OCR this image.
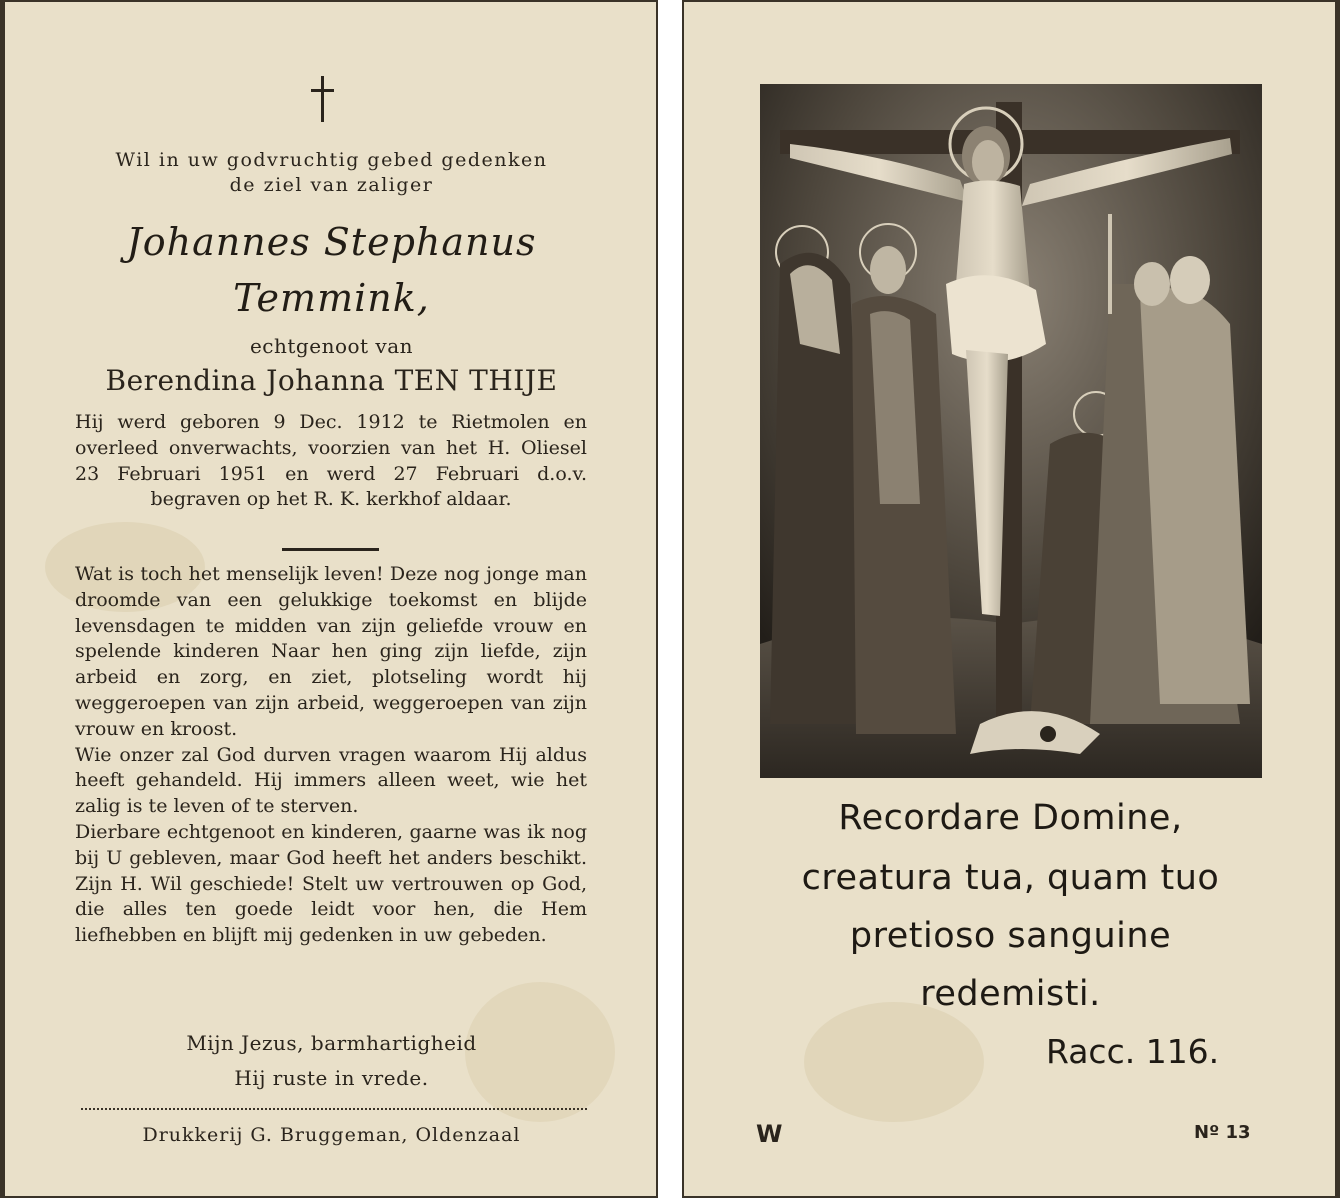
Wil in uw godvruchtig gebed gedenken
de ziel van zaliger
Johannes Stephanus
Temmink,
echtgenoot van
Berendina Johanna TEN THIJE
Hij werd geboren 9 Dec. 1912 te Rietmolen en overleed onverwachts, voorzien van het H. Oliesel 23 Februari 1951 en werd 27 Februari d.o.v. begraven op het R. K. kerkhof aldaar.
Wat is toch het menselijk leven! Deze nog jonge man droomde van een gelukkige toekomst en blijde levensdagen te midden van zijn geliefde vrouw en spelende kinderen Naar hen ging zijn liefde, zijn arbeid en zorg, en ziet, plotseling wordt hij weggeroepen van zijn arbeid, weggeroepen van zijn vrouw en kroost.
Wie onzer zal God durven vragen waarom Hij aldus heeft gehandeld. Hij immers alleen weet, wie het zalig is te leven of te sterven.
Dierbare echtgenoot en kinderen, gaarne was ik nog bij U gebleven, maar God heeft het anders beschikt. Zijn H. Wil geschiede! Stelt uw vertrouwen op God, die alles ten goede leidt voor hen, die Hem liefhebben en blijft mij gedenken in uw gebeden.
Mijn Jezus, barmhartigheid
Hij ruste in vrede.
Drukkerij G. Bruggeman, Oldenzaal
Recordare Domine,
creatura tua, quam tuo
pretioso sanguine
redemisti.
Racc. 116.
W	Nº 13
